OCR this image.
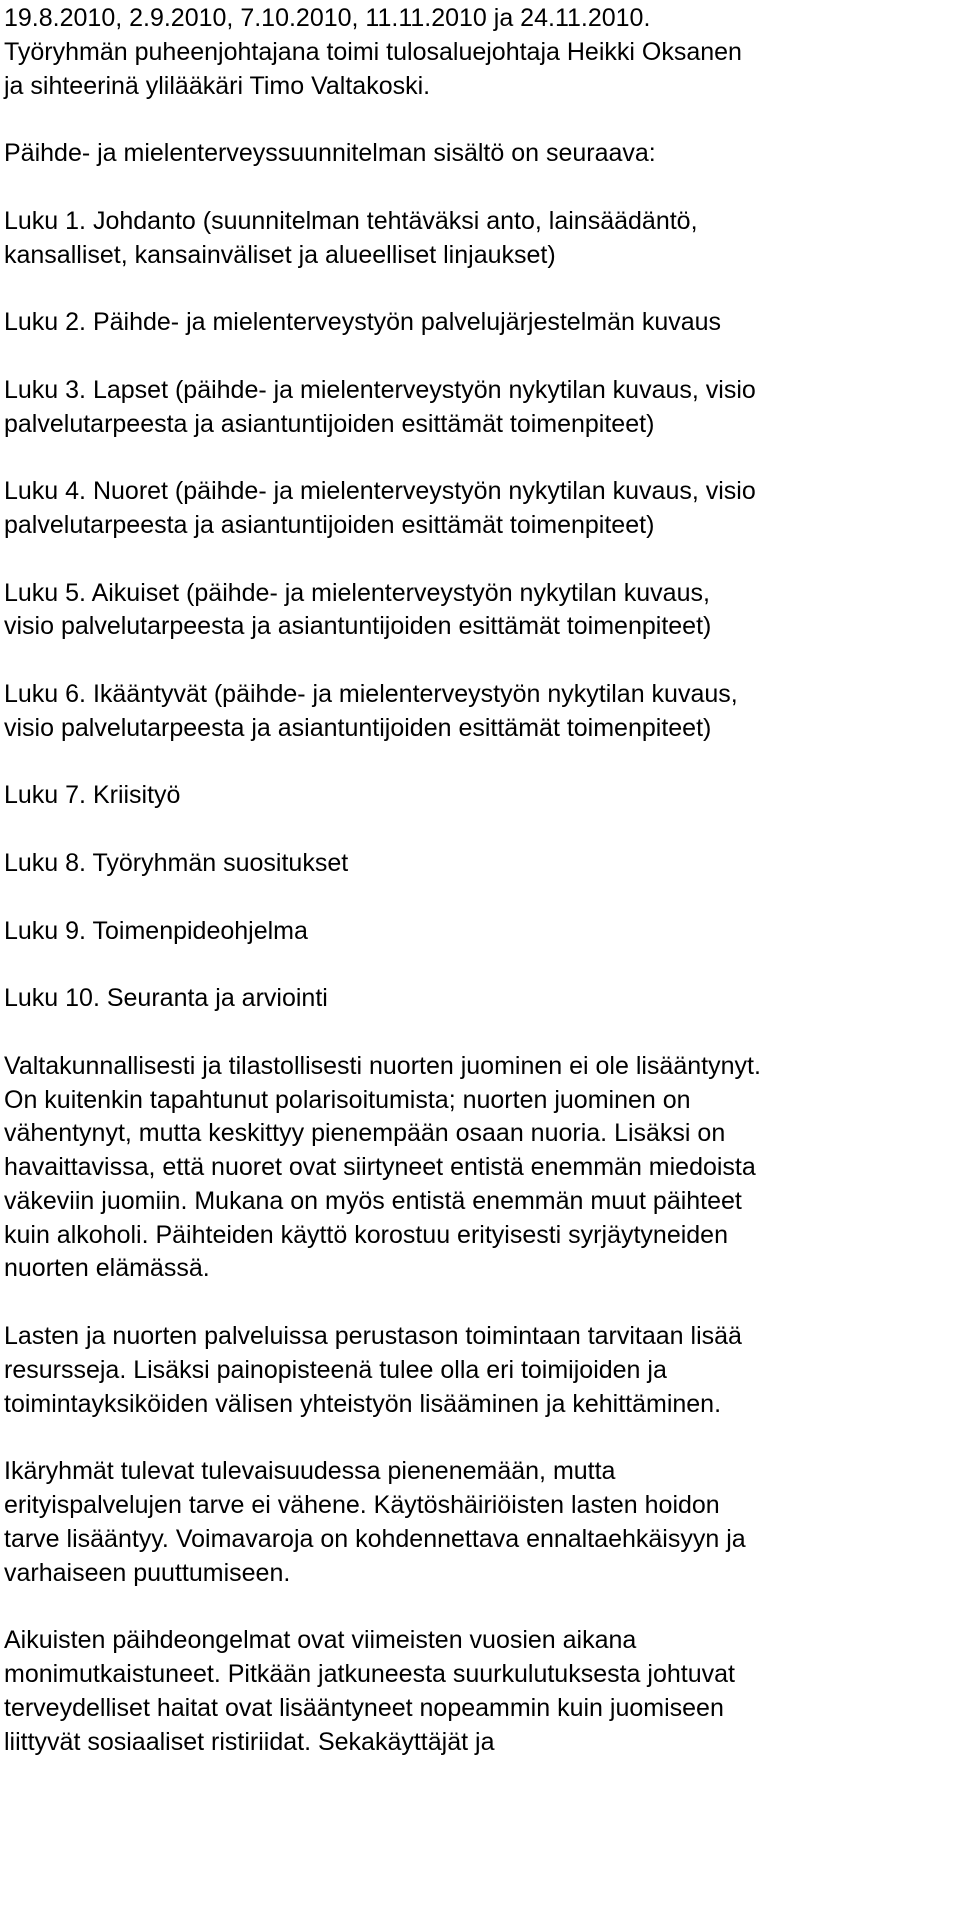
19.8.2010, 2.9.2010, 7.10.2010, 11.11.2010 ja 24.11.2010.
Työryhmän puheenjohtajana toimi tulosaluejohtaja Heikki Oksanen
ja sihteerinä ylilääkäri Timo Valtakoski.
Päihde- ja mielenterveyssuunnitelman sisältö on seuraava:
Luku 1. Johdanto (suunnitelman tehtäväksi anto, lainsäädäntö,
kansalliset, kansainväliset ja alueelliset linjaukset)
Luku 2. Päihde- ja mielenterveystyön palvelujärjestelmän kuvaus
Luku 3. Lapset (päihde- ja mielenterveystyön nykytilan kuvaus, visio
palvelutarpeesta ja asiantuntijoiden esittämät toimenpiteet)
Luku 4. Nuoret (päihde- ja mielenterveystyön nykytilan kuvaus, visio
palvelutarpeesta ja asiantuntijoiden esittämät toimenpiteet)
Luku 5. Aikuiset (päihde- ja mielenterveystyön nykytilan kuvaus,
visio palvelutarpeesta ja asiantuntijoiden esittämät toimenpiteet)
Luku 6. Ikääntyvät (päihde- ja mielenterveystyön nykytilan kuvaus,
visio palvelutarpeesta ja asiantuntijoiden esittämät toimenpiteet)
Luku 7. Kriisityö
Luku 8. Työryhmän suositukset
Luku 9. Toimenpideohjelma
Luku 10. Seuranta ja arviointi
Valtakunnallisesti ja tilastollisesti nuorten juominen ei ole lisääntynyt.
On kuitenkin tapahtunut polarisoitumista; nuorten juominen on
vähentynyt, mutta keskittyy pienempään osaan nuoria. Lisäksi on
havaittavissa, että nuoret ovat siirtyneet entistä enemmän miedoista
väkeviin juomiin. Mukana on myös entistä enemmän muut päihteet
kuin alkoholi. Päihteiden käyttö korostuu erityisesti syrjäytyneiden
nuorten elämässä.
Lasten ja nuorten palveluissa perustason toimintaan tarvitaan lisää
resursseja. Lisäksi painopisteenä tulee olla eri toimijoiden ja
toimintayksiköiden välisen yhteistyön lisääminen ja kehittäminen.
Ikäryhmät tulevat tulevaisuudessa pienenemään, mutta
erityispalvelujen tarve ei vähene. Käytöshäiriöisten lasten hoidon
tarve lisääntyy. Voimavaroja on kohdennettava ennaltaehkäisyyn ja
varhaiseen puuttumiseen.
Aikuisten päihdeongelmat ovat viimeisten vuosien aikana
monimutkaistuneet. Pitkään jatkuneesta suurkulutuksesta johtuvat
terveydelliset haitat ovat lisääntyneet nopeammin kuin juomiseen
liittyvät sosiaaliset ristiriidat. Sekakäyttäjät ja
